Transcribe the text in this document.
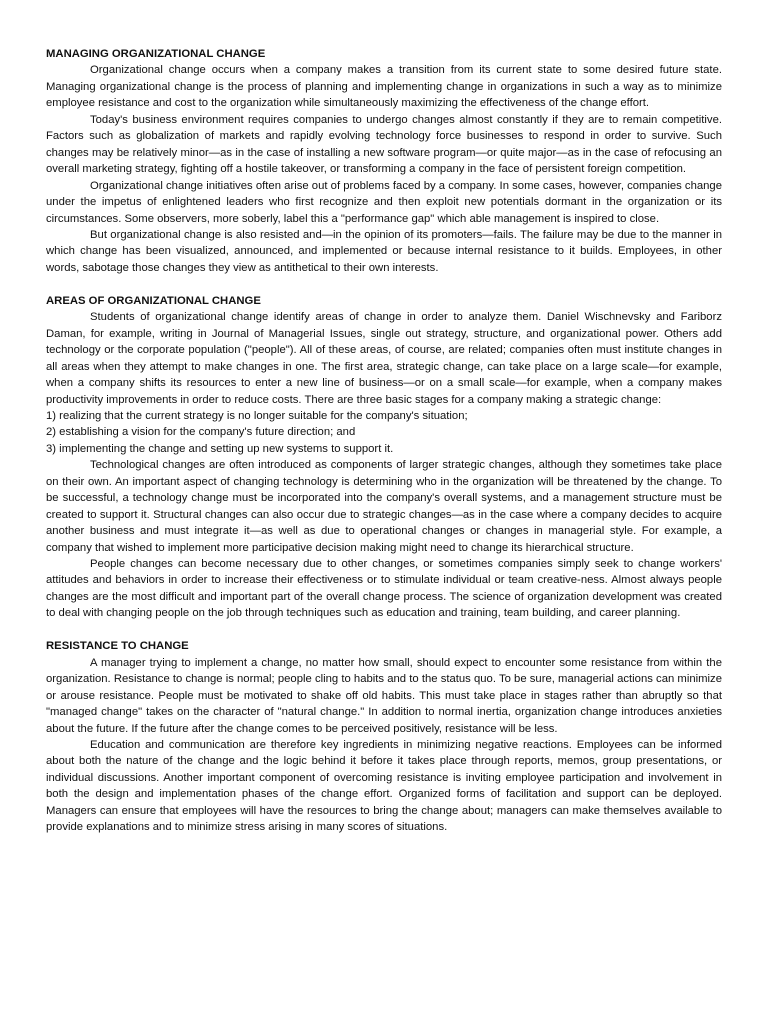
MANAGING ORGANIZATIONAL CHANGE

Organizational change occurs when a company makes a transition from its current state to some desired future state. Managing organizational change is the process of planning and implementing change in organizations in such a way as to minimize employee resistance and cost to the organization while simultaneously maximizing the effectiveness of the change effort.

Today's business environment requires companies to undergo changes almost constantly if they are to remain competitive. Factors such as globalization of markets and rapidly evolving technology force businesses to respond in order to survive. Such changes may be relatively minor—as in the case of installing a new software program—or quite major—as in the case of refocusing an overall marketing strategy, fighting off a hostile takeover, or transforming a company in the face of persistent foreign competition.

Organizational change initiatives often arise out of problems faced by a company. In some cases, however, companies change under the impetus of enlightened leaders who first recognize and then exploit new potentials dormant in the organization or its circumstances. Some observers, more soberly, label this a "performance gap" which able management is inspired to close.

But organizational change is also resisted and—in the opinion of its promoters—fails. The failure may be due to the manner in which change has been visualized, announced, and implemented or because internal resistance to it builds. Employees, in other words, sabotage those changes they view as antithetical to their own interests.

AREAS OF ORGANIZATIONAL CHANGE

Students of organizational change identify areas of change in order to analyze them. Daniel Wischnevsky and Fariborz Daman, for example, writing in Journal of Managerial Issues, single out strategy, structure, and organizational power. Others add technology or the corporate population ("people"). All of these areas, of course, are related; companies often must institute changes in all areas when they attempt to make changes in one. The first area, strategic change, can take place on a large scale—for example, when a company shifts its resources to enter a new line of business—or on a small scale—for example, when a company makes productivity improvements in order to reduce costs. There are three basic stages for a company making a strategic change:

1) realizing that the current strategy is no longer suitable for the company's situation;

2) establishing a vision for the company's future direction; and

3) implementing the change and setting up new systems to support it.

Technological changes are often introduced as components of larger strategic changes, although they sometimes take place on their own. An important aspect of changing technology is determining who in the organization will be threatened by the change. To be successful, a technology change must be incorporated into the company's overall systems, and a management structure must be created to support it. Structural changes can also occur due to strategic changes—as in the case where a company decides to acquire another business and must integrate it—as well as due to operational changes or changes in managerial style. For example, a company that wished to implement more participative decision making might need to change its hierarchical structure.

People changes can become necessary due to other changes, or sometimes companies simply seek to change workers' attitudes and behaviors in order to increase their effectiveness or to stimulate individual or team creative-ness. Almost always people changes are the most difficult and important part of the overall change process. The science of organization development was created to deal with changing people on the job through techniques such as education and training, team building, and career planning.

RESISTANCE TO CHANGE

A manager trying to implement a change, no matter how small, should expect to encounter some resistance from within the organization. Resistance to change is normal; people cling to habits and to the status quo. To be sure, managerial actions can minimize or arouse resistance. People must be motivated to shake off old habits. This must take place in stages rather than abruptly so that "managed change" takes on the character of "natural change." In addition to normal inertia, organization change introduces anxieties about the future. If the future after the change comes to be perceived positively, resistance will be less.

Education and communication are therefore key ingredients in minimizing negative reactions. Employees can be informed about both the nature of the change and the logic behind it before it takes place through reports, memos, group presentations, or individual discussions. Another important component of overcoming resistance is inviting employee participation and involvement in both the design and implementation phases of the change effort. Organized forms of facilitation and support can be deployed. Managers can ensure that employees will have the resources to bring the change about; managers can make themselves available to provide explanations and to minimize stress arising in many scores of situations.
